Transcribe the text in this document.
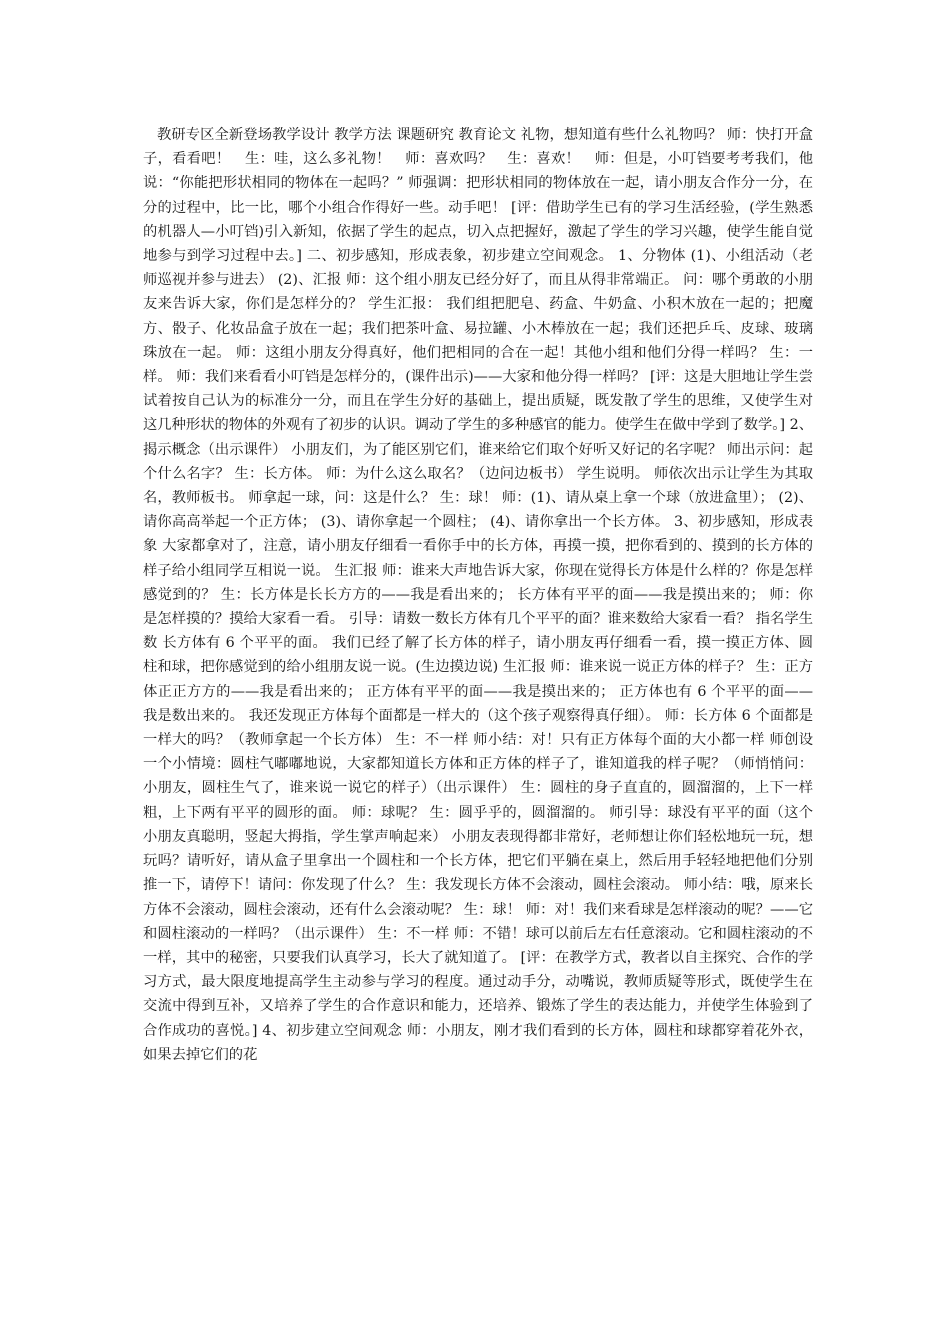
教研专区全新登场教学设计 教学方法 课题研究 教育论文 礼物，想知道有些什么礼物吗？ 师：快打开盒子，看看吧！　生：哇，这么多礼物！　师：喜欢吗？　生：喜欢！　师：但是，小叮铛要考考我们，他说：“你能把形状相同的物体在一起吗？” 师强调：把形状相同的物体放在一起，请小朋友合作分一分，在分的过程中，比一比，哪个小组合作得好一些。动手吧！ [评：借助学生已有的学习生活经验，(学生熟悉的机器人—小叮铛)引入新知，依据了学生的起点，切入点把握好，激起了学生的学习兴趣，使学生能自觉地参与到学习过程中去。] 二、初步感知，形成表象，初步建立空间观念。 1、分物体 (1)、小组活动（老师巡视并参与进去） (2)、汇报 师：这个组小朋友已经分好了，而且从得非常端正。 问：哪个勇敢的小朋友来告诉大家，你们是怎样分的？ 学生汇报： 我们组把肥皂、药盒、牛奶盒、小积木放在一起的；把魔方、骰子、化妆品盒子放在一起；我们把茶叶盒、易拉罐、小木棒放在一起；我们还把乒乓、皮球、玻璃珠放在一起。 师：这组小朋友分得真好，他们把相同的合在一起！其他小组和他们分得一样吗？ 生：一样。 师：我们来看看小叮铛是怎样分的，(课件出示)——大家和他分得一样吗？ [评：这是大胆地让学生尝试着按自己认为的标准分一分，而且在学生分好的基础上，提出质疑，既发散了学生的思维，又使学生对这几种形状的物体的外观有了初步的认识。调动了学生的多种感官的能力。使学生在做中学到了数学。] 2、揭示概念（出示课件） 小朋友们，为了能区别它们，谁来给它们取个好听又好记的名字呢？ 师出示问：起个什么名字？ 生：长方体。 师：为什么这么取名？（边问边板书） 学生说明。 师依次出示让学生为其取名，教师板书。 师拿起一球，问：这是什么？ 生：球！ 师：(1)、请从桌上拿一个球（放进盒里）； (2)、请你高高举起一个正方体； (3)、请你拿起一个圆柱； (4)、请你拿出一个长方体。 3、初步感知，形成表象 大家都拿对了，注意，请小朋友仔细看一看你手中的长方体，再摸一摸，把你看到的、摸到的长方体的样子给小组同学互相说一说。 生汇报 师：谁来大声地告诉大家，你现在觉得长方体是什么样的？你是怎样感觉到的？ 生：长方体是长长方方的——我是看出来的； 长方体有平平的面——我是摸出来的； 师：你是怎样摸的？摸给大家看一看。 引导：请数一数长方体有几个平平的面？谁来数给大家看一看？ 指名学生数 长方体有 6 个平平的面。 我们已经了解了长方体的样子，请小朋友再仔细看一看，摸一摸正方体、圆柱和球，把你感觉到的给小组朋友说一说。(生边摸边说) 生汇报 师：谁来说一说正方体的样子？ 生：正方体正正方方的——我是看出来的； 正方体有平平的面——我是摸出来的； 正方体也有 6 个平平的面——我是数出来的。 我还发现正方体每个面都是一样大的（这个孩子观察得真仔细）。 师：长方体 6 个面都是一样大的吗？（教师拿起一个长方体） 生：不一样 师小结：对！只有正方体每个面的大小都一样 师创设一个小情境：圆柱气嘟嘟地说，大家都知道长方体和正方体的样子了，谁知道我的样子呢？（师悄悄问：小朋友，圆柱生气了，谁来说一说它的样子）（出示课件） 生：圆柱的身子直直的，圆溜溜的，上下一样粗，上下两有平平的圆形的面。 师：球呢？ 生：圆乎乎的，圆溜溜的。 师引导：球没有平平的面（这个小朋友真聪明，竖起大拇指，学生掌声响起来） 小朋友表现得都非常好，老师想让你们轻松地玩一玩，想玩吗？请听好，请从盒子里拿出一个圆柱和一个长方体，把它们平躺在桌上，然后用手轻轻地把他们分别推一下，请停下！请问：你发现了什么？ 生：我发现长方体不会滚动，圆柱会滚动。 师小结：哦，原来长方体不会滚动，圆柱会滚动，还有什么会滚动呢？ 生：球！ 师：对！我们来看球是怎样滚动的呢？——它和圆柱滚动的一样吗？（出示课件） 生：不一样 师：不错！球可以前后左右任意滚动。它和圆柱滚动的不一样，其中的秘密，只要我们认真学习，长大了就知道了。 [评：在教学方式，教者以自主探究、合作的学习方式，最大限度地提高学生主动参与学习的程度。通过动手分，动嘴说，教师质疑等形式，既使学生在交流中得到互补，又培养了学生的合作意识和能力，还培养、锻炼了学生的表达能力，并使学生体验到了合作成功的喜悦。] 4、初步建立空间观念 师：小朋友，刚才我们看到的长方体，圆柱和球都穿着花外衣，如果去掉它们的花
